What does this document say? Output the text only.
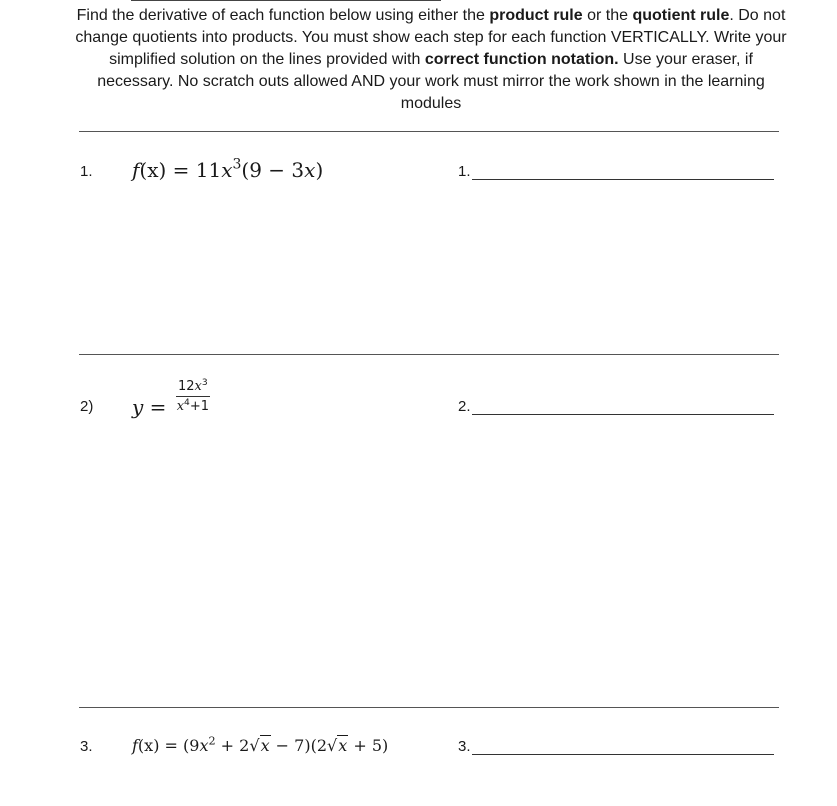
Find the derivative of each function below using either the product rule or the quotient rule. Do not change quotients into products. You must show each step for each function VERTICALLY. Write your simplified solution on the lines provided with correct function notation. Use your eraser, if necessary. No scratch outs allowed AND your work must mirror the work shown in the learning modules
1. $f(x) = 11x^3(9 - 3x)$	1.
2) $y = \frac{12x^3}{x^4+1}$	2.
3. $f(x) = (9x^2 + 2√x - 7)(2√x + 5)$	3.
